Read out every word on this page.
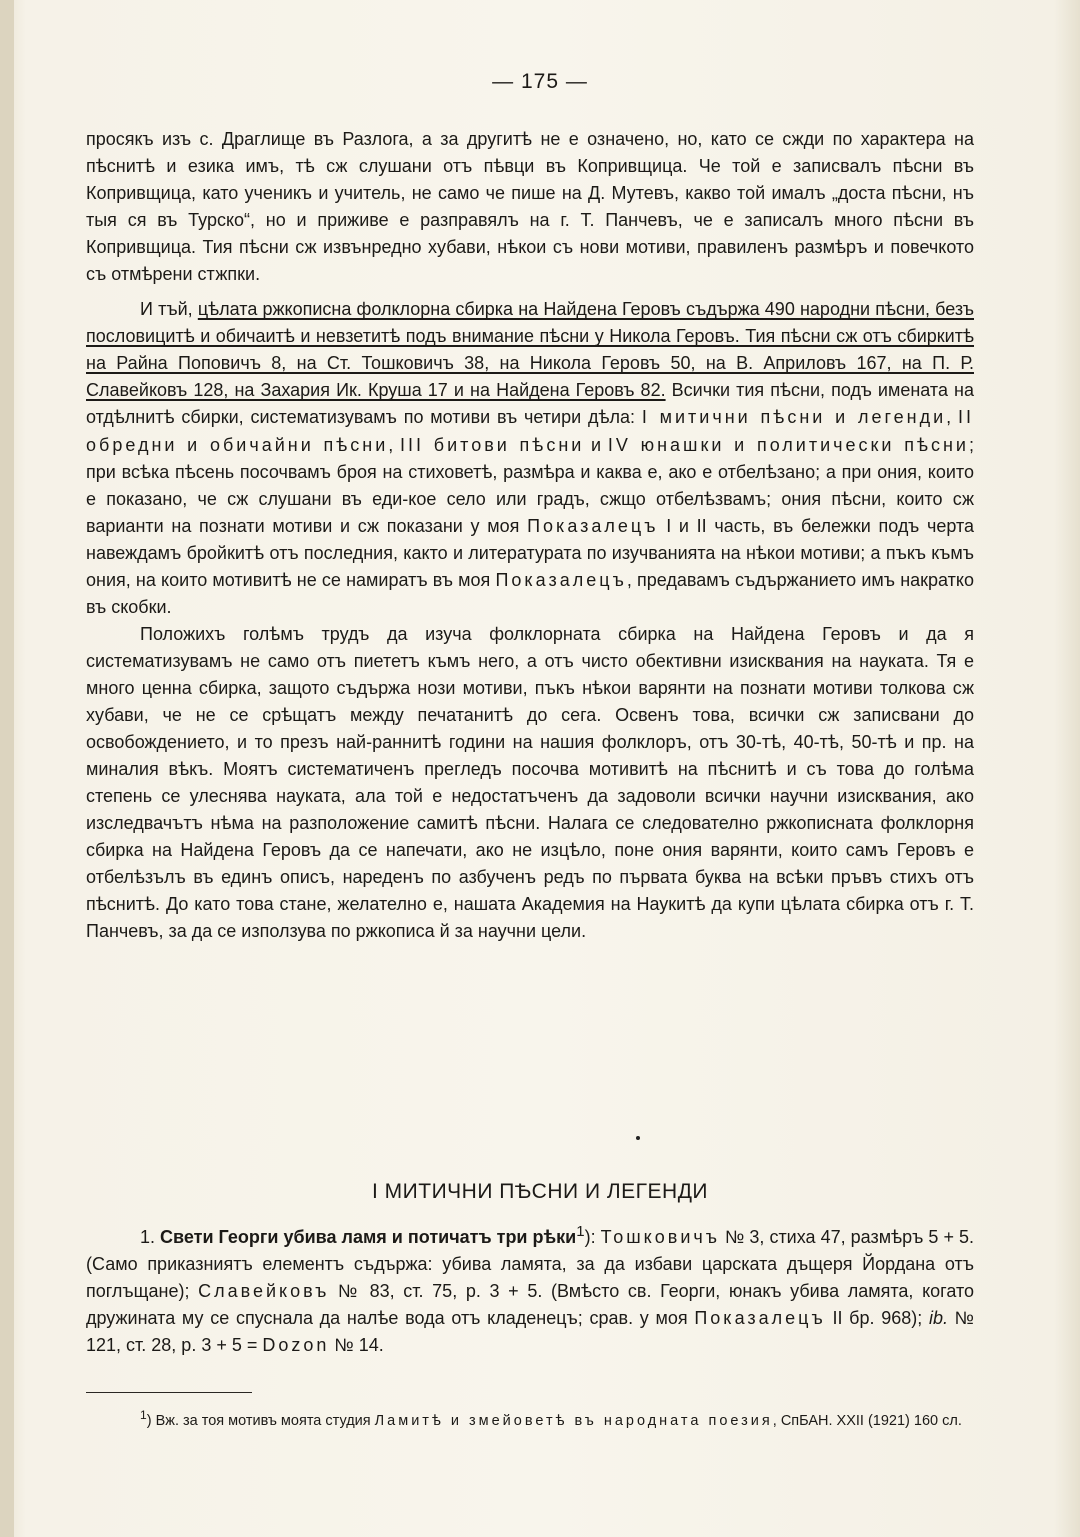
— 175 —

просякъ изъ с. Драглище въ Разлога, а за другитѣ не е означено, но, като се сжди по характера на пѣснитѣ и езика имъ, тѣ сж слушани отъ пѣвци въ Копривщица. Че той е записвалъ пѣсни въ Копривщица, като ученикъ и учитель, не само че пише на Д. Мутевъ, какво той ималъ „доста пѣсни, нъ тыя ся въ Турско“, но и приживе е разправялъ на г. Т. Панчевъ, че е записалъ много пѣсни въ Копривщица. Тия пѣсни сж извънредно хубави, нѣкои съ нови мотиви, правиленъ размѣръ и повечкото съ отмѣрени стжпки.

И тъй, цѣлата ржкописна фолклорна сбирка на Найдена Геровъ съдържа 490 народни пѣсни, безъ пословицитѣ и обичаитѣ и невзетитѣ подъ внимание пѣсни у Никола Геровъ. Тия пѣсни сж отъ сбиркитѣ на Райна Поповичъ 8, на Ст. Тошковичъ 38, на Никола Геровъ 50, на В. Априловъ 167, на П. Р. Славейковъ 128, на Захария Ик. Круша 17 и на Найдена Геровъ 82. Всички тия пѣсни, подъ имената на отдѣлнитѣ сбирки, систематизувамъ по мотиви въ четири дѣла: I митични пѣсни и легенди, II обредни и обичайни пѣсни, III битови пѣсни и IV юнашки и политически пѣсни; при всѣка пѣсень посочвамъ броя на стиховетѣ, размѣра и каква е, ако е отбелѣзано; а при ония, които е показано, че сж слушани въ еди-кое село или градъ, сжщо отбелѣзвамъ; ония пѣсни, които сж варианти на познати мотиви и сж показани у моя Показалецъ I и II часть, въ бележки подъ черта навеждамъ бройкитѣ отъ последния, както и литературата по изучванията на нѣкои мотиви; а пъкъ къмъ ония, на които мотивитѣ не се намиратъ въ моя Показалецъ, предавамъ съдържанието имъ накратко въ скобки.

Положихъ голѣмъ трудъ да изуча фолклорната сбирка на Найдена Геровъ и да я систематизувамъ не само отъ пиететъ къмъ него, а отъ чисто обективни изисквания на науката. Тя е много ценна сбирка, защото съдържа нози мотиви, пъкъ нѣкои варянти на познати мотиви толкова сж хубави, че не се срѣщатъ между печатанитѣ до сега. Освенъ това, всички сж записвани до освобождението, и то презъ най-раннитѣ години на нашия фолклоръ, отъ 30-тѣ, 40-тѣ, 50-тѣ и пр. на миналия вѣкъ. Моятъ систематиченъ прегледъ посочва мотивитѣ на пѣснитѣ и съ това до голѣма степень се улеснява науката, ала той е недостатъченъ да задоволи всички научни изисквания, ако изследвачътъ нѣма на разположение самитѣ пѣсни. Налага се следователно ржкописната фолклорня сбирка на Найдена Геровъ да се напечати, ако не изцѣло, поне ония варянти, които самъ Геровъ е отбелѣзълъ въ единъ описъ, нареденъ по азбученъ редъ по първата буква на всѣки пръвъ стихъ отъ пѣснитѣ. До като това стане, желателно е, нашата Академия на Наукитѣ да купи цѣлата сбирка отъ г. Т. Панчевъ, за да се използува по ржкописа й за научни цели.

I МИТИЧНИ ПѢСНИ И ЛЕГЕНДИ

1. Свети Георги убива ламя и потичатъ три рѣки$^1$): Тошковичъ № 3, стиха 47, размѣръ 5 + 5. (Само приказниятъ елементъ съдържа: убива ламята, за да избави царската дъщеря Йордана отъ поглъщане); Славейковъ № 83, ст. 75, р. 3 + 5. (Вмѣсто св. Георги, юнакъ убива ламята, когато дружината му се спуснала да налѣе вода отъ кладенецъ; срав. у моя Показалецъ II бр. 968); ib. № 121, ст. 28, р. 3 + 5 = Dozon № 14.

$^1$) Вж. за тоя мотивъ моята студия Ламитѣ и змейоветѣ въ народната поезия, СпБАН. XXII (1921) 160 сл.
